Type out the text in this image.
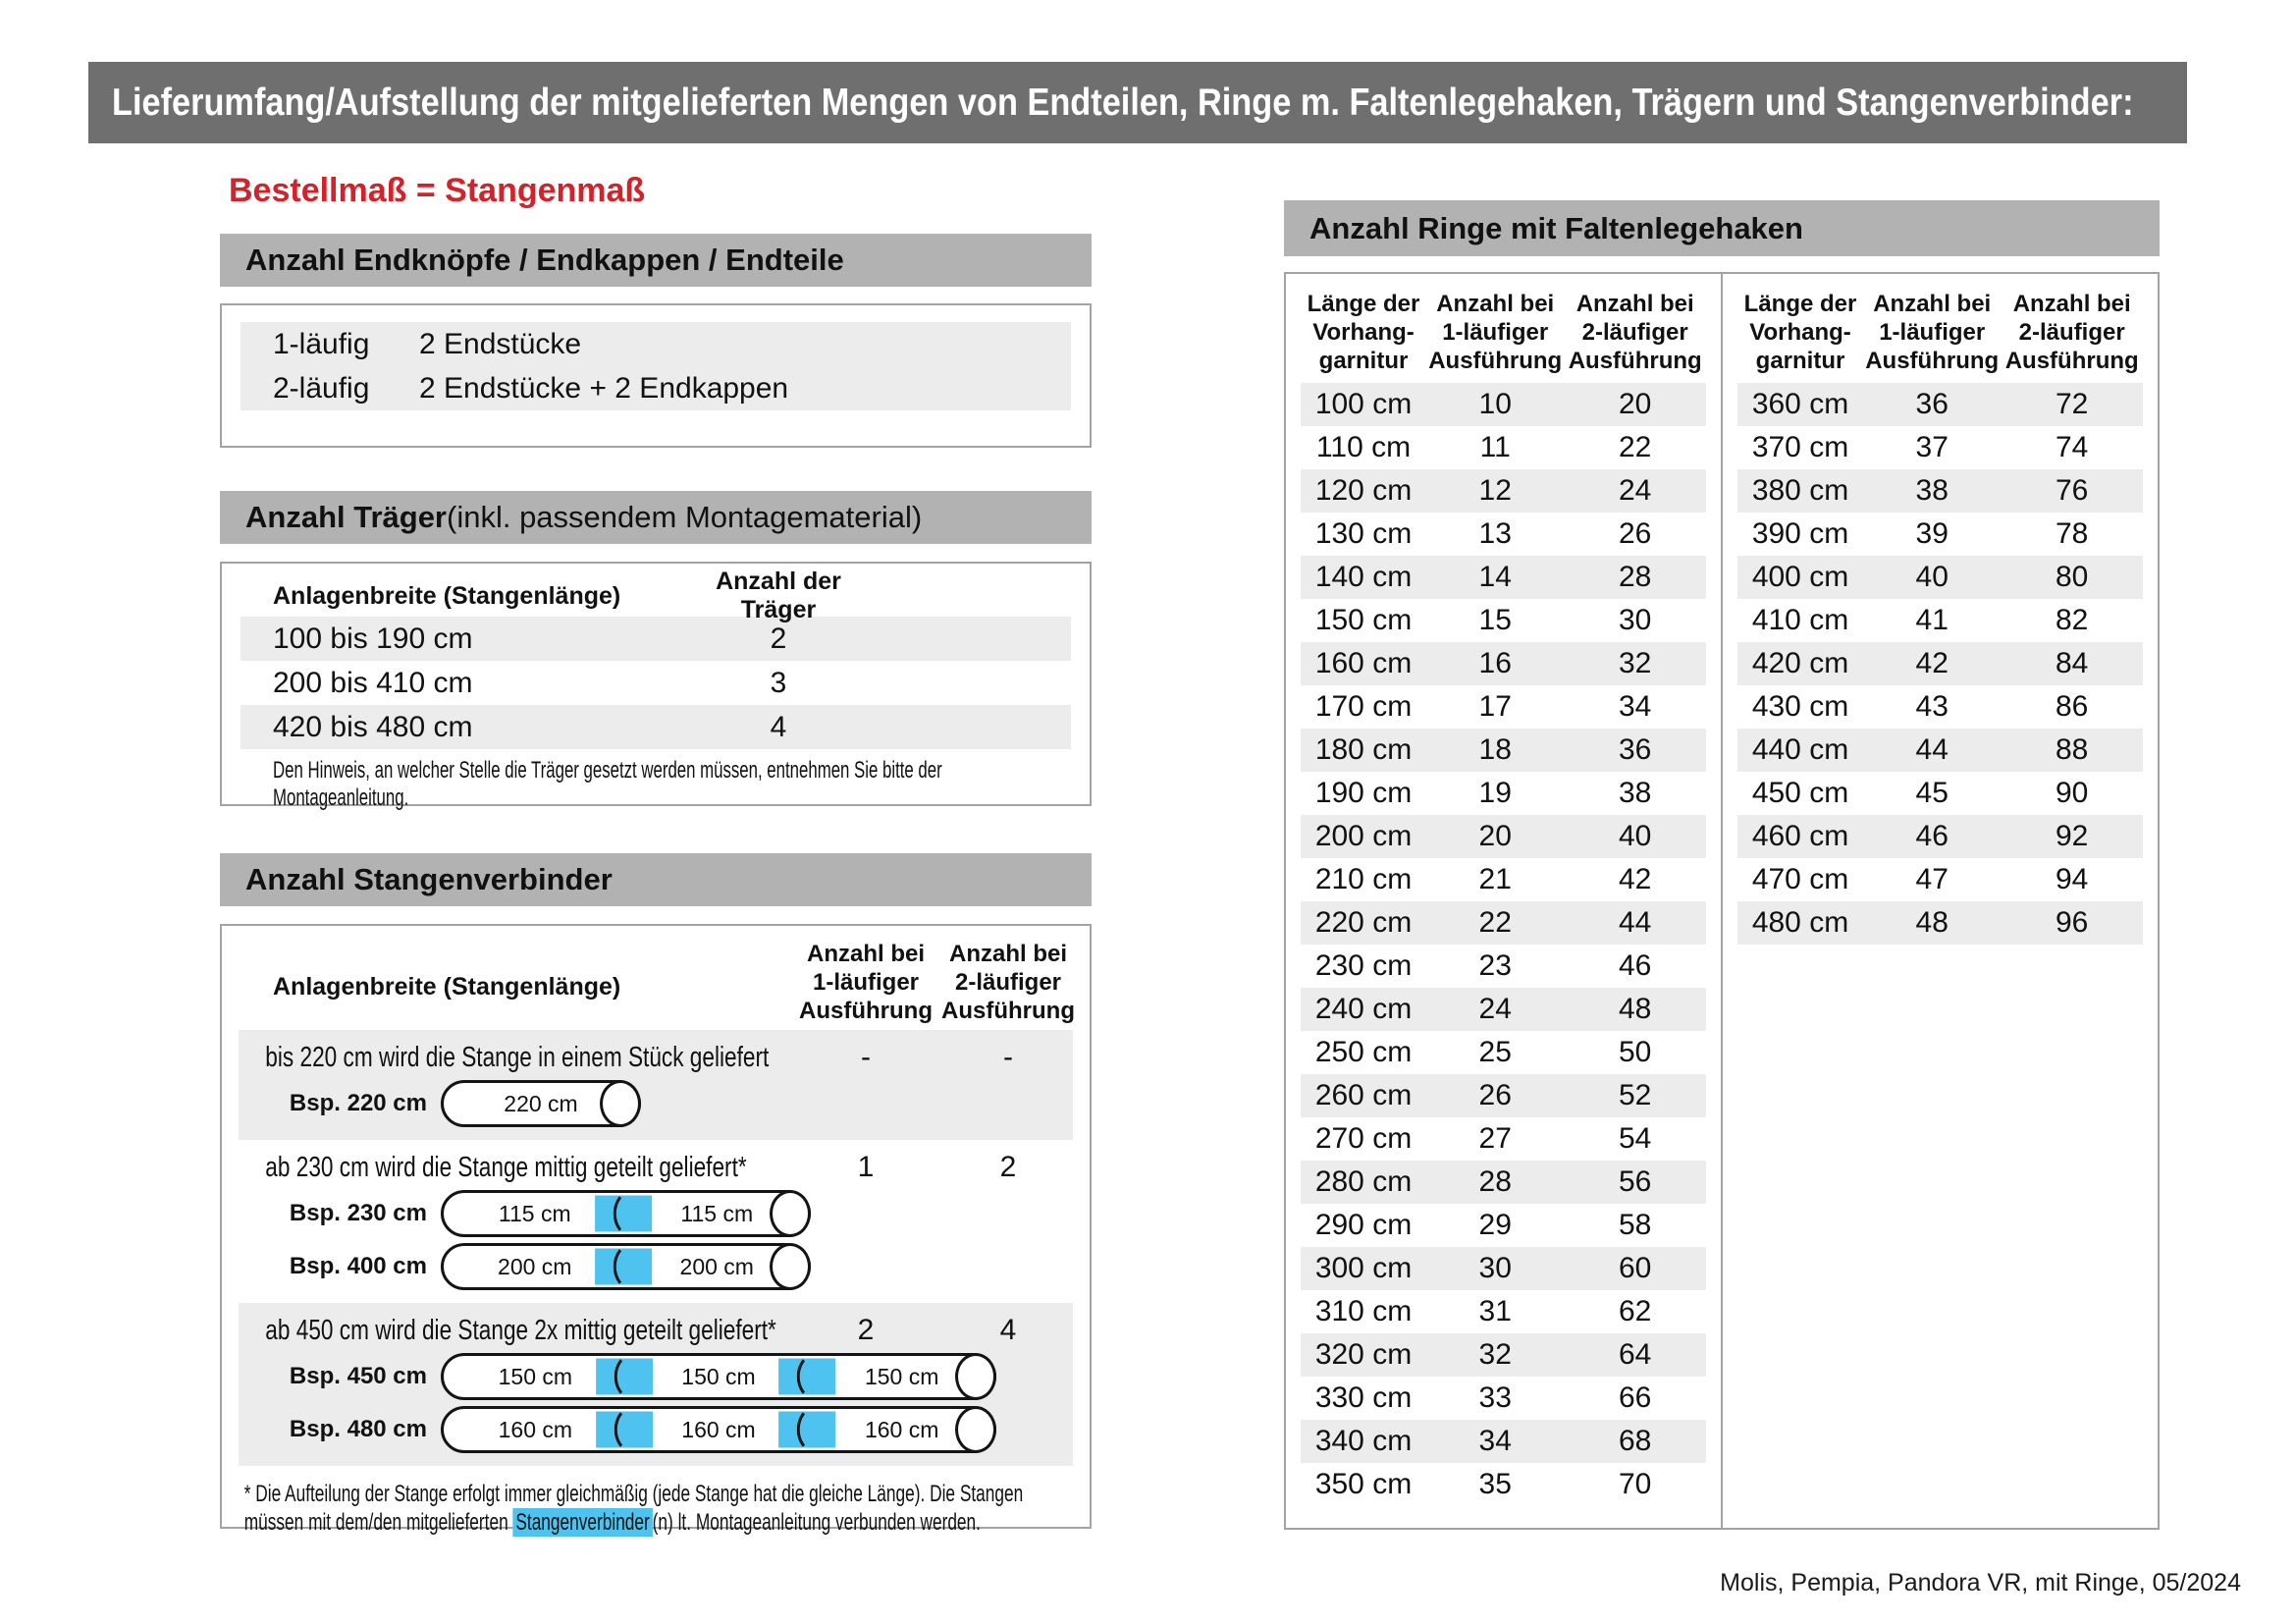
Lieferumfang/Aufstellung der mitgelieferten Mengen von Endteilen, Ringe m. Faltenlegehaken, Trägern und Stangenverbinder:
Bestellmaß = Stangenmaß
Anzahl Endknöpfe / Endkappen / Endteile
1-läufig	2 Endstücke
2-läufig	2 Endstücke + 2 Endkappen
Anzahl Träger (inkl. passendem Montagematerial)
Anlagenbreite (Stangenlänge)
Anzahl der Träger
100 bis 190 cm	2
200 bis 410 cm	3
420 bis 480 cm	4
Den Hinweis, an welcher Stelle die Träger gesetzt werden müssen, entnehmen Sie bitte der Montageanleitung.
Anzahl Stangenverbinder
Anlagenbreite (Stangenlänge)
Anzahl bei
1-läufiger
Ausführung
Anzahl bei
2-läufiger
Ausführung
bis 220 cm wird die Stange in einem Stück geliefert	-	-
Bsp. 220 cm	220 cm
ab 230 cm wird die Stange mittig geteilt geliefert*	1	2
Bsp. 230 cm	115 cm	115 cm
Bsp. 400 cm	200 cm	200 cm
ab 450 cm wird die Stange 2x mittig geteilt geliefert*	2	4
Bsp. 450 cm	150 cm	150 cm	150 cm
Bsp. 480 cm	160 cm	160 cm	160 cm

* Die Aufteilung der Stange erfolgt immer gleichmäßig (jede Stange hat die gleiche Länge). Die Stangen müssen mit dem/den mitgelieferten Stangenverbinder (n) lt. Montageanleitung verbunden werden.

Anzahl Ringe mit Faltenlegehaken
Länge der
Vorhang-
garnitur
Anzahl bei
1-läufiger
Ausführung
Anzahl bei
2-läufiger
Ausführung
100 cm	10	20
110 cm	11	22
120 cm	12	24
130 cm	13	26
140 cm	14	28
150 cm	15	30
160 cm	16	32
170 cm	17	34
180 cm	18	36
190 cm	19	38
200 cm	20	40
210 cm	21	42
220 cm	22	44
230 cm	23	46
240 cm	24	48
250 cm	25	50
260 cm	26	52
270 cm	27	54
280 cm	28	56
290 cm	29	58
300 cm	30	60
310 cm	31	62
320 cm	32	64
330 cm	33	66
340 cm	34	68
350 cm	35	70
Länge der
Vorhang-
garnitur
Anzahl bei
1-läufiger
Ausführung
Anzahl bei
2-läufiger
Ausführung
360 cm	36	72
370 cm	37	74
380 cm	38	76
390 cm	39	78
400 cm	40	80
410 cm	41	82
420 cm	42	84
430 cm	43	86
440 cm	44	88
450 cm	45	90
460 cm	46	92
470 cm	47	94
480 cm	48	96
Molis, Pempia, Pandora VR, mit Ringe, 05/2024
